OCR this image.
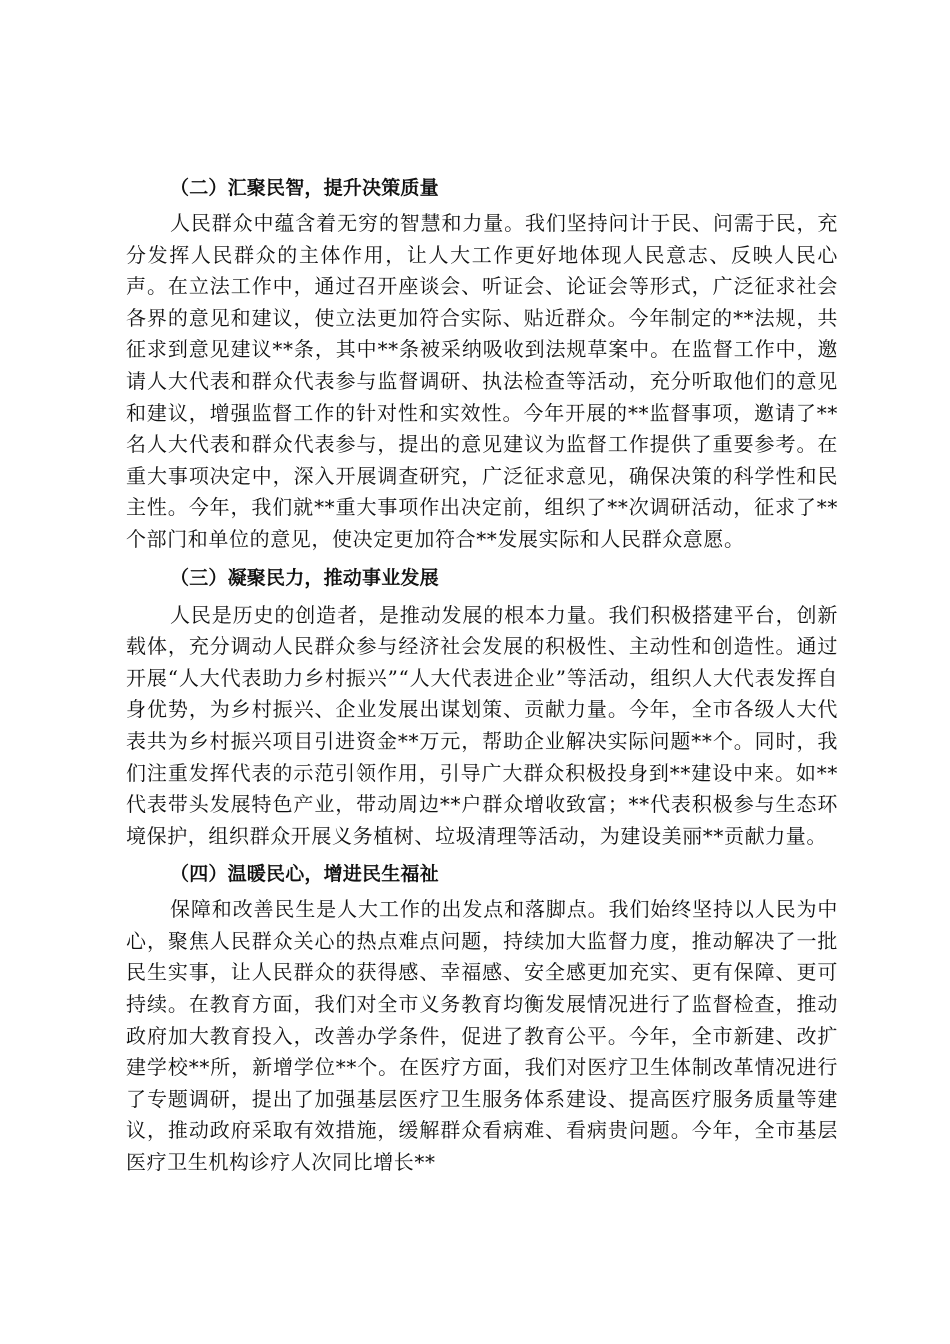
（二）汇聚民智，提升决策质量

人民群众中蕴含着无穷的智慧和力量。我们坚持问计于民、问需于民，充分发挥人民群众的主体作用，让人大工作更好地体现人民意志、反映人民心声。在立法工作中，通过召开座谈会、听证会、论证会等形式，广泛征求社会各界的意见和建议，使立法更加符合实际、贴近群众。今年制定的**法规，共征求到意见建议**条，其中**条被采纳吸收到法规草案中。在监督工作中，邀请人大代表和群众代表参与监督调研、执法检查等活动，充分听取他们的意见和建议，增强监督工作的针对性和实效性。今年开展的**监督事项，邀请了**名人大代表和群众代表参与，提出的意见建议为监督工作提供了重要参考。在重大事项决定中，深入开展调查研究，广泛征求意见，确保决策的科学性和民主性。今年，我们就**重大事项作出决定前，组织了**次调研活动，征求了**个部门和单位的意见，使决定更加符合**发展实际和人民群众意愿。

（三）凝聚民力，推动事业发展

人民是历史的创造者，是推动发展的根本力量。我们积极搭建平台，创新载体，充分调动人民群众参与经济社会发展的积极性、主动性和创造性。通过开展“人大代表助力乡村振兴”“人大代表进企业”等活动，组织人大代表发挥自身优势，为乡村振兴、企业发展出谋划策、贡献力量。今年，全市各级人大代表共为乡村振兴项目引进资金**万元，帮助企业解决实际问题**个。同时，我们注重发挥代表的示范引领作用，引导广大群众积极投身到**建设中来。如**代表带头发展特色产业，带动周边**户群众增收致富；**代表积极参与生态环境保护，组织群众开展义务植树、垃圾清理等活动，为建设美丽**贡献力量。

（四）温暖民心，增进民生福祉

保障和改善民生是人大工作的出发点和落脚点。我们始终坚持以人民为中心，聚焦人民群众关心的热点难点问题，持续加大监督力度，推动解决了一批民生实事，让人民群众的获得感、幸福感、安全感更加充实、更有保障、更可持续。在教育方面，我们对全市义务教育均衡发展情况进行了监督检查，推动政府加大教育投入，改善办学条件，促进了教育公平。今年，全市新建、改扩建学校**所，新增学位**个。在医疗方面，我们对医疗卫生体制改革情况进行了专题调研，提出了加强基层医疗卫生服务体系建设、提高医疗服务质量等建议，推动政府采取有效措施，缓解群众看病难、看病贵问题。今年，全市基层医疗卫生机构诊疗人次同比增长**
